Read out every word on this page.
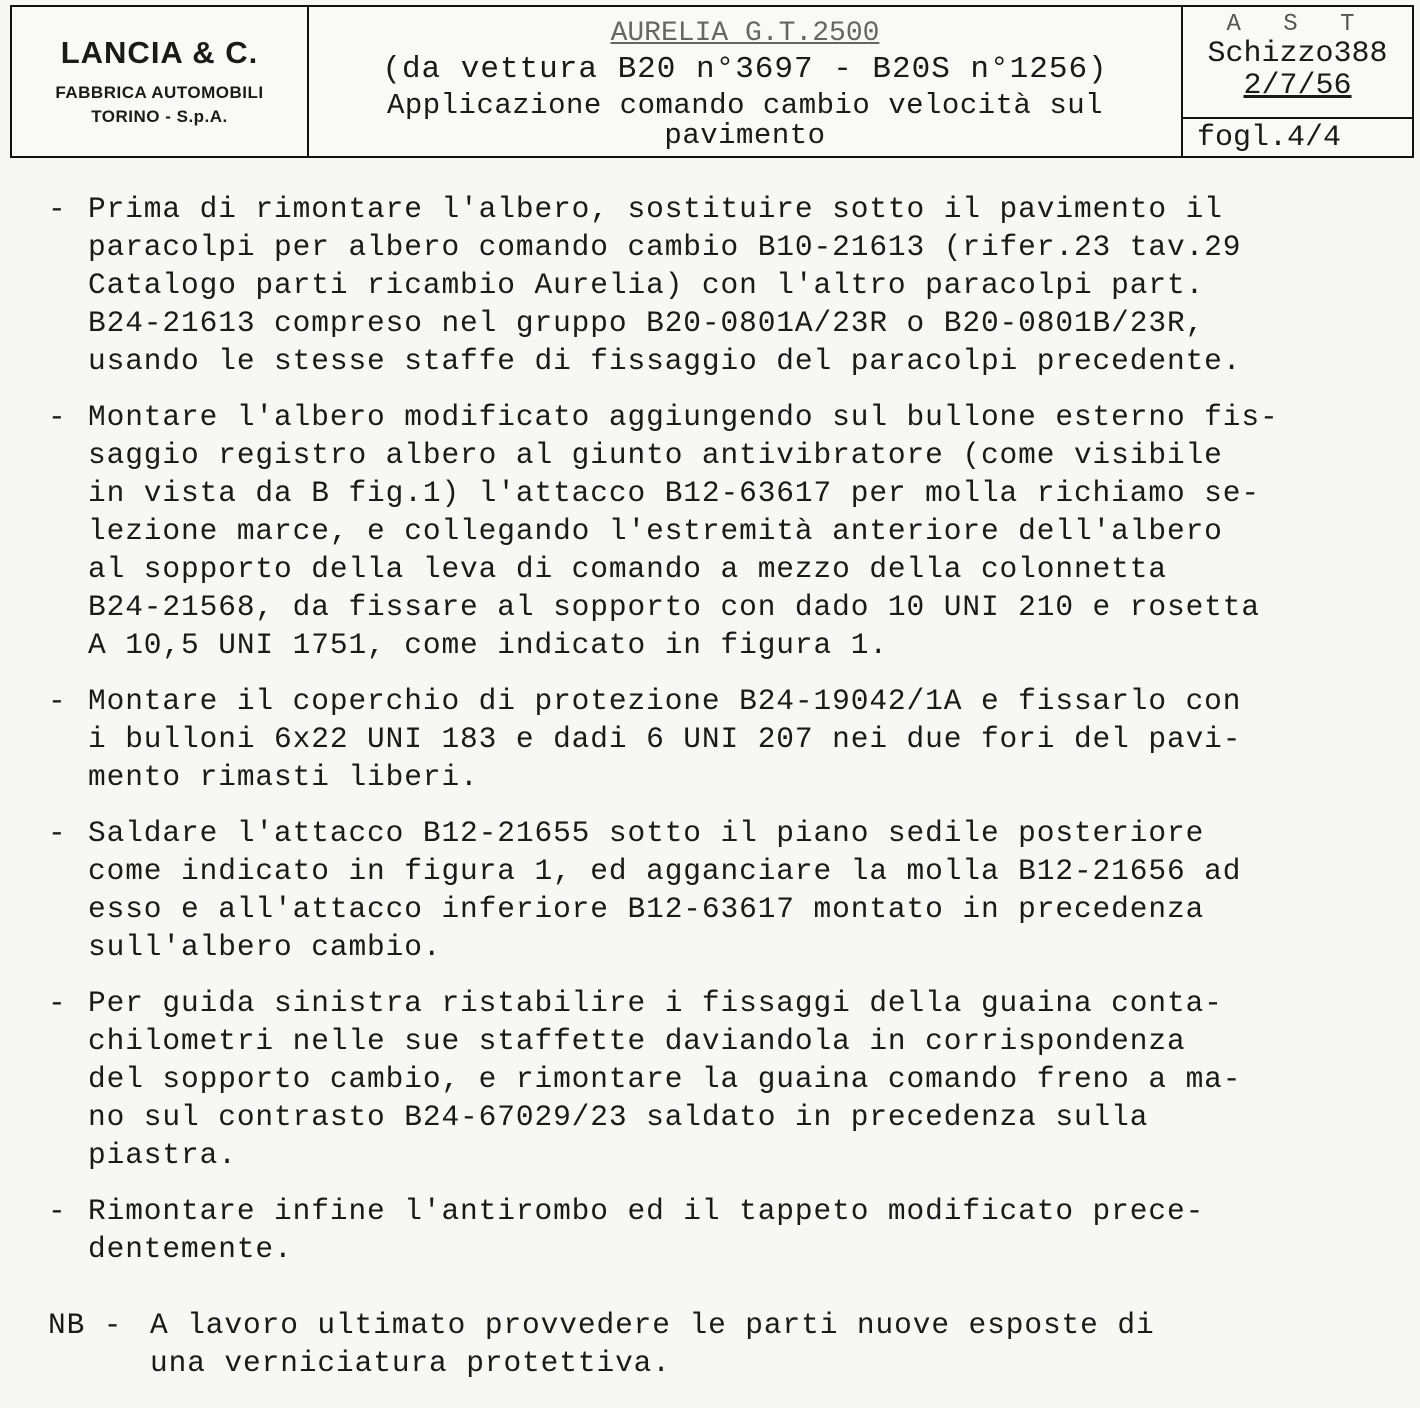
LANCIA & C.
FABBRICA AUTOMOBILI
TORINO - S.p.A.
AURELIA G.T.2500
(da vettura B20 n°3697 - B20S n°1256)
Applicazione comando cambio velocità sul
pavimento
A S T
Schizzo388
2/7/56
fogl.4/4
- Prima di rimontare l'albero, sostituire sotto il pavimento il
paracolpi per albero comando cambio B10-21613 (rifer.23 tav.29
Catalogo parti ricambio Aurelia) con l'altro paracolpi part.
B24-21613 compreso nel gruppo B20-0801A/23R o B20-0801B/23R,
usando le stesse staffe di fissaggio del paracolpi precedente.
- Montare l'albero modificato aggiungendo sul bullone esterno fis-
saggio registro albero al giunto antivibratore (come visibile
in vista da B fig.1) l'attacco B12-63617 per molla richiamo se-
lezione marce, e collegando l'estremità anteriore dell'albero
al sopporto della leva di comando a mezzo della colonnetta
B24-21568, da fissare al sopporto con dado 10 UNI 210 e rosetta
A 10,5 UNI 1751, come indicato in figura 1.
- Montare il coperchio di protezione B24-19042/1A e fissarlo con
i bulloni 6x22 UNI 183 e dadi 6 UNI 207 nei due fori del pavi-
mento rimasti liberi.
- Saldare l'attacco B12-21655 sotto il piano sedile posteriore
come indicato in figura 1, ed agganciare la molla B12-21656 ad
esso e all'attacco inferiore B12-63617 montato in precedenza
sull'albero cambio.
- Per guida sinistra ristabilire i fissaggi della guaina conta-
chilometri nelle sue staffette daviandola in corrispondenza
del sopporto cambio, e rimontare la guaina comando freno a ma-
no sul contrasto B24-67029/23 saldato in precedenza sulla
piastra.
- Rimontare infine l'antirombo ed il tappeto modificato prece-
dentemente.
NB - A lavoro ultimato provvedere le parti nuove esposte di
una verniciatura protettiva.
